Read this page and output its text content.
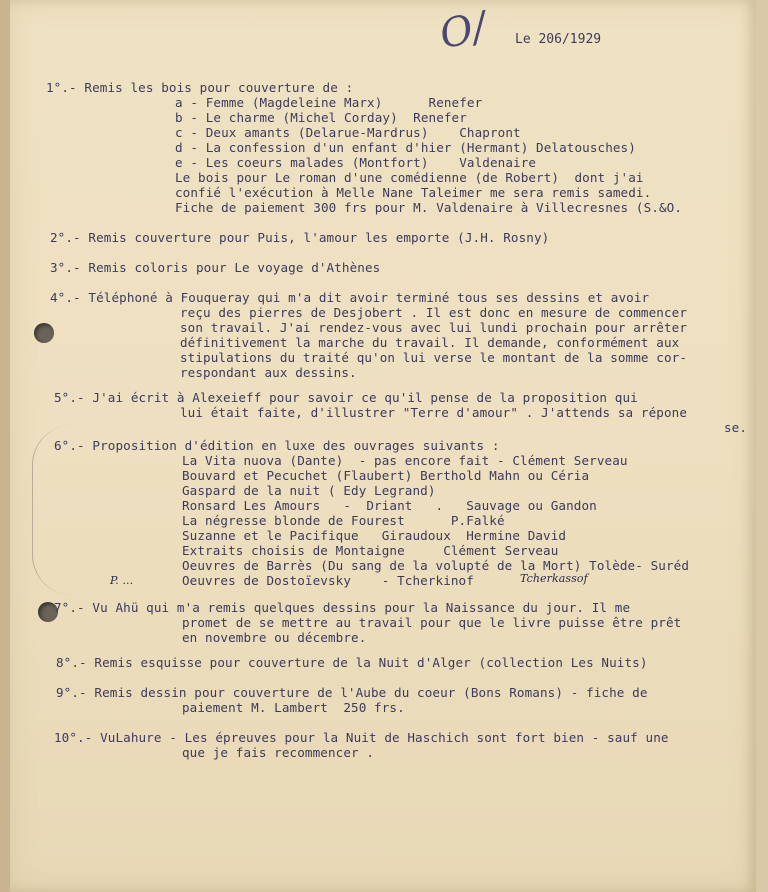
O/ Le 206/1929
1°.- Remis les bois pour couverture de :
a - Femme (Magdeleine Marx)      Renefer
b - Le charme (Michel Corday)  Renefer
c - Deux amants (Delarue-Mardrus)    Chapront
d - La confession d'un enfant d'hier (Hermant) Delatousches)
e - Les coeurs malades (Montfort)    Valdenaire
Le bois pour Le roman d'une comédienne (de Robert)  dont j'ai
confié l'exécution à Melle Nane Taleimer me sera remis samedi.
Fiche de paiement 300 frs pour M. Valdenaire à Villecresnes (S.&O.
2°.- Remis couverture pour Puis, l'amour les emporte (J.H. Rosny)
3°.- Remis coloris pour Le voyage d'Athènes
4°.- Téléphoné à Fouqueray qui m'a dit avoir terminé tous ses dessins et avoir
reçu des pierres de Desjobert . Il est donc en mesure de commencer
son travail. J'ai rendez-vous avec lui lundi prochain pour arrêter
définitivement la marche du travail. Il demande, conformément aux
stipulations du traité qu'on lui verse le montant de la somme cor-
respondant aux dessins.
5°.- J'ai écrit à Alexeieff pour savoir ce qu'il pense de la proposition qui
lui était faite, d'illustrer "Terre d'amour" . J'attends sa répone
se.
6°.- Proposition d'édition en luxe des ouvrages suivants :
La Vita nuova (Dante)  - pas encore fait - Clément Serveau
Bouvard et Pecuchet (Flaubert) Berthold Mahn ou Céria
Gaspard de la nuit ( Edy Legrand)
Ronsard Les Amours   -  Driant   .   Sauvage ou Gandon
La négresse blonde de Fourest      P.Falké
Suzanne et le Pacifique   Giraudoux  Hermine David
Extraits choisis de Montaigne     Clément Serveau
Oeuvres de Barrès (Du sang de la volupté de la Mort) Tolède- Suréd
P. ...	Oeuvres de Dostoïevsky    - Tcherkinof	Tcherkassof
7°.- Vu Ahü qui m'a remis quelques dessins pour la Naissance du jour. Il me
promet de se mettre au travail pour que le livre puisse être prêt
en novembre ou décembre.
8°.- Remis esquisse pour couverture de la Nuit d'Alger (collection Les Nuits)
9°.- Remis dessin pour couverture de l'Aube du coeur (Bons Romans) - fiche de
paiement M. Lambert  250 frs.
10°.- VuLahure - Les épreuves pour la Nuit de Haschich sont fort bien - sauf une
que je fais recommencer .
